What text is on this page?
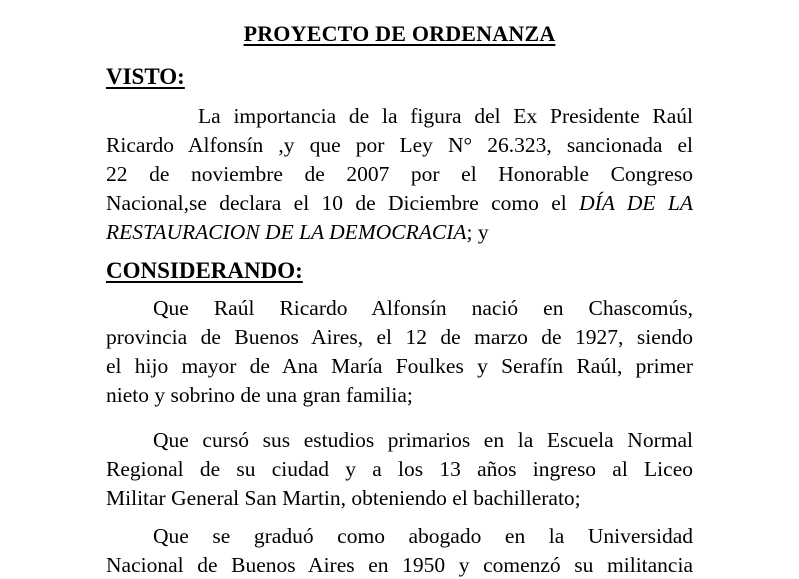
PROYECTO DE ORDENANZA
VISTO:
La importancia de la figura del Ex Presidente Raúl
Ricardo Alfonsín ,y que por Ley N° 26.323, sancionada el
22 de noviembre de 2007 por el Honorable Congreso
Nacional,se declara el 10 de Diciembre como el DÍA DE LA
RESTAURACION DE LA DEMOCRACIA; y
CONSIDERANDO:
Que Raúl Ricardo Alfonsín nació en Chascomús,
provincia de Buenos Aires, el 12 de marzo de 1927, siendo
el hijo mayor de Ana María Foulkes y Serafín Raúl, primer
nieto y sobrino de una gran familia;
Que cursó sus estudios primarios en la Escuela Normal
Regional de su ciudad y a los 13 años ingreso al Liceo
Militar General San Martin, obteniendo el bachillerato;
Que se graduó como abogado en la Universidad
Nacional de Buenos Aires en 1950 y comenzó su militancia
